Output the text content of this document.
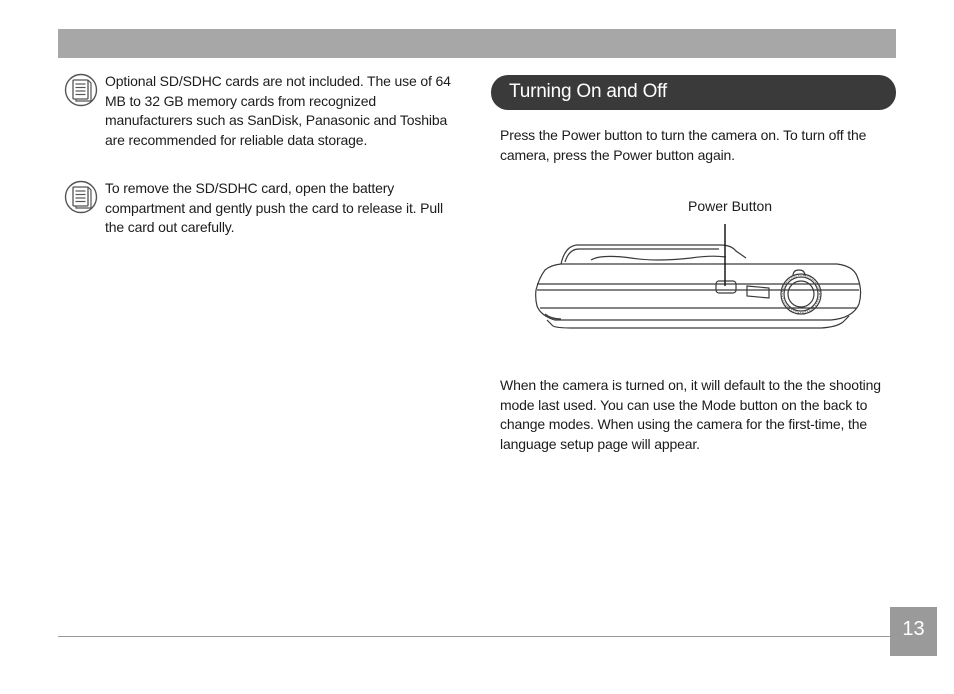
Optional SD/SDHC cards are not included. The use of 64 MB to 32 GB memory cards from recognized manufacturers such as SanDisk, Panasonic and Toshiba are recommended for reliable data storage.
To remove the SD/SDHC card, open the battery compartment and gently push the card to release it. Pull the card out carefully.
Turning On and Off
Press the Power button to turn the camera on. To turn off the camera, press the Power button again.
Power Button
When the camera is turned on, it will default to the the shooting mode last used. You can use the Mode button on the back to change modes. When using the camera for the first-time, the language setup page will appear.
13
